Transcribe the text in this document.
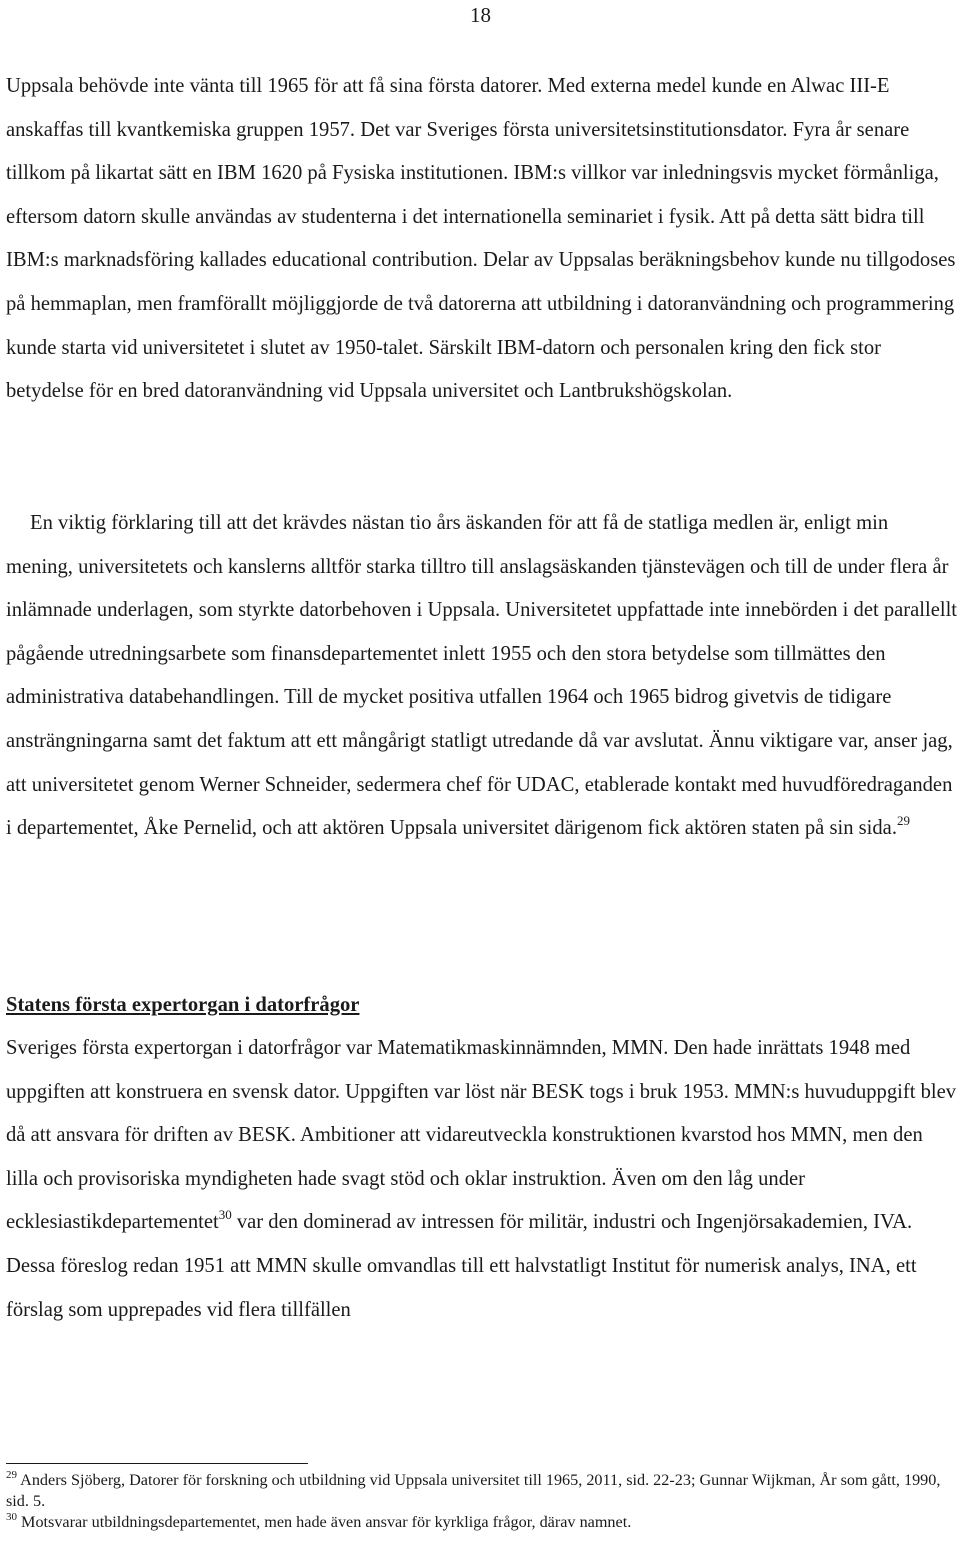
18

Uppsala behövde inte vänta till 1965 för att få sina första datorer. Med externa medel kunde en Alwac III-E anskaffas till kvantkemiska gruppen 1957. Det var Sveriges första universitetsinstitutionsdator. Fyra år senare tillkom på likartat sätt en IBM 1620 på Fysiska institutionen. IBM:s villkor var inledningsvis mycket förmånliga, eftersom datorn skulle användas av studenterna i det internationella seminariet i fysik. Att på detta sätt bidra till IBM:s marknadsföring kallades educational contribution. Delar av Uppsalas beräkningsbehov kunde nu tillgodoses på hemmaplan, men framförallt möjliggjorde de två datorerna att utbildning i datoranvändning och programmering kunde starta vid universitetet i slutet av 1950-talet. Särskilt IBM-datorn och personalen kring den fick stor betydelse för en bred datoranvändning vid Uppsala universitet och Lantbrukshögskolan.

En viktig förklaring till att det krävdes nästan tio års äskanden för att få de statliga medlen är, enligt min mening, universitetets och kanslerns alltför starka tilltro till anslagsäskanden tjänstevägen och till de under flera år inlämnade underlagen, som styrkte datorbehoven i Uppsala. Universitetet uppfattade inte innebörden i det parallellt pågående utredningsarbete som finansdepartementet inlett 1955 och den stora betydelse som tillmättes den administrativa databehandlingen. Till de mycket positiva utfallen 1964 och 1965 bidrog givetvis de tidigare ansträngningarna samt det faktum att ett mångårigt statligt utredande då var avslutat. Ännu viktigare var, anser jag, att universitetet genom Werner Schneider, sedermera chef för UDAC, etablerade kontakt med huvudföredraganden i departementet, Åke Pernelid, och att aktören Uppsala universitet därigenom fick aktören staten på sin sida.$^{29}$

Statens första expertorgan i datorfrågor

Sveriges första expertorgan i datorfrågor var Matematikmaskinnämnden, MMN. Den hade inrättats 1948 med uppgiften att konstruera en svensk dator. Uppgiften var löst när BESK togs i bruk 1953. MMN:s huvuduppgift blev då att ansvara för driften av BESK. Ambitioner att vidareutveckla konstruktionen kvarstod hos MMN, men den lilla och provisoriska myndigheten hade svagt stöd och oklar instruktion. Även om den låg under ecklesiastikdepartementet$^{30}$ var den dominerad av intressen för militär, industri och Ingenjörsakademien, IVA. Dessa föreslog redan 1951 att MMN skulle omvandlas till ett halvstatligt Institut för numerisk analys, INA, ett förslag som upprepades vid flera tillfällen

$^{29}$ Anders Sjöberg, Datorer för forskning och utbildning vid Uppsala universitet till 1965, 2011, sid. 22-23; Gunnar Wijkman, År som gått, 1990, sid. 5.

$^{30}$ Motsvarar utbildningsdepartementet, men hade även ansvar för kyrkliga frågor, därav namnet.
